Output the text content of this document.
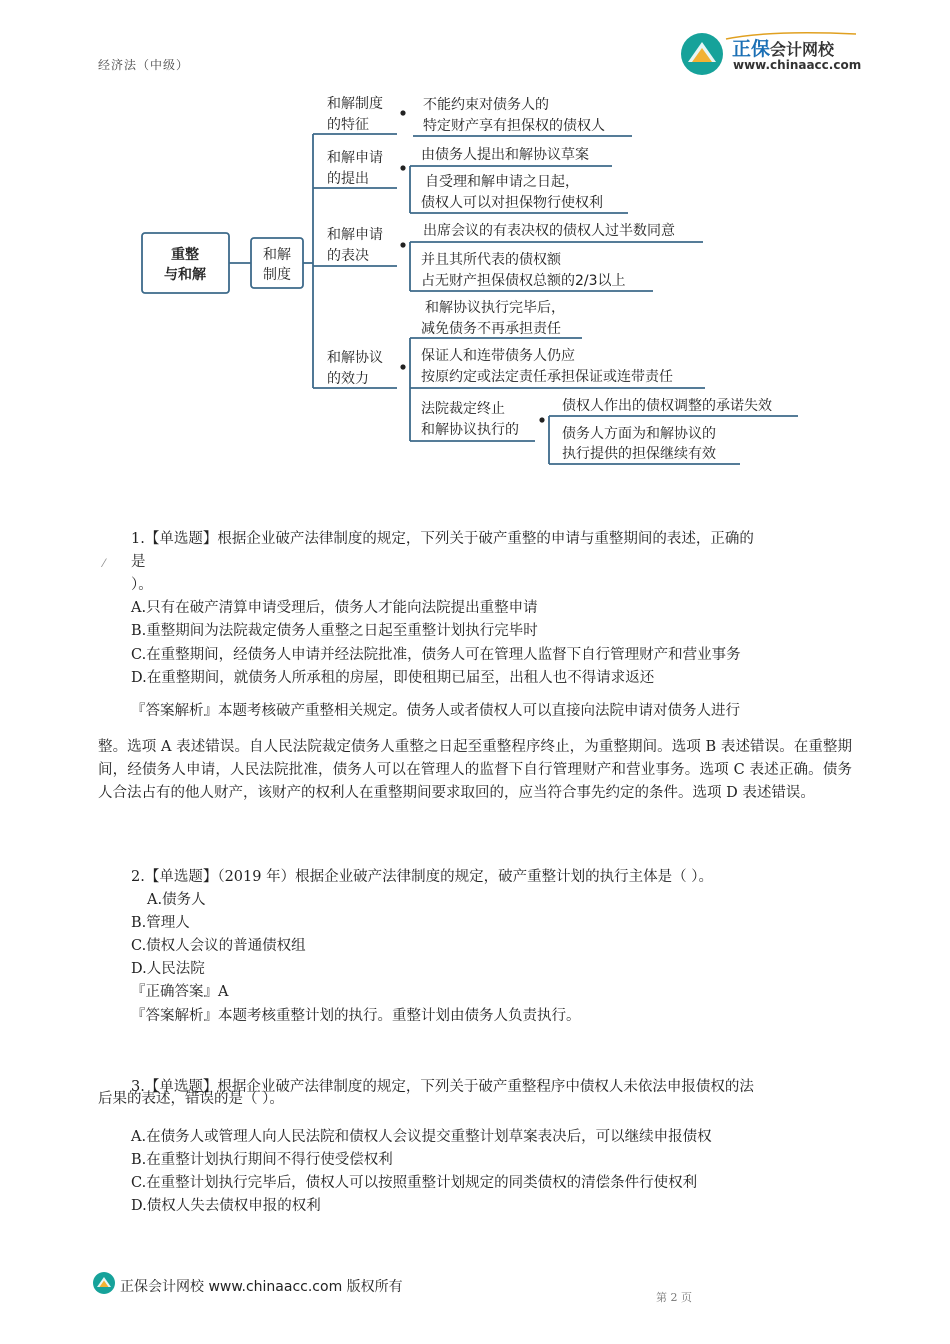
经济法（中级）
正保会计网校
www.chinaacc.com
重整
与和解
和解
制度
和解制度
的特征
和解申请
的提出
和解申请
的表决
和解协议
的效力
不能约束对债务人的
特定财产享有担保权的债权人
由债务人提出和解协议草案
自受理和解申请之日起，
债权人可以对担保物行使权利
出席会议的有表决权的债权人过半数同意
并且其所代表的债权额
占无财产担保债权总额的2/3以上
和解协议执行完毕后，
减免债务不再承担责任
保证人和连带债务人仍应
按原约定或法定责任承担保证或连带责任
法院裁定终止
和解协议执行的
债权人作出的债权调整的承诺失效
债务人方面为和解协议的
执行提供的担保继续有效
1.【单选题】根据企业破产法律制度的规定，下列关于破产重整的申请与重整期间的表述，正确的
⁄ 是
）。
A.只有在破产清算申请受理后，债务人才能向法院提出重整申请
B.重整期间为法院裁定债务人重整之日起至重整计划执行完毕时
C.在重整期间，经债务人申请并经法院批准，债务人可在管理人监督下自行管理财产和营业事务
D.在重整期间，就债务人所承租的房屋，即使租期已届至，出租人也不得请求返还
『答案解析』本题考核破产重整相关规定。债务人或者债权人可以直接向法院申请对债务人进行
整。选项 A 表述错误。自人民法院裁定债务人重整之日起至重整程序终止，为重整期间。选项 B 表述错误。在重整期间，经债务人申请，人民法院批准，债务人可以在管理人的监督下自行管理财产和营业事务。选项 C 表述正确。债务人合法占有的他人财产，该财产的权利人在重整期间要求取回的，应当符合事先约定的条件。选项 D 表述错误。
2.【单选题】（2019 年）根据企业破产法律制度的规定，破产重整计划的执行主体是（ ）。
A.债务人
B.管理人
C.债权人会议的普通债权组
D.人民法院
『正确答案』A
『答案解析』本题考核重整计划的执行。重整计划由债务人负责执行。
3.【单选题】根据企业破产法律制度的规定，下列关于破产重整程序中债权人未依法申报债权的法
后果的表述，错误的是（ ）。
A.在债务人或管理人向人民法院和债权人会议提交重整计划草案表决后，可以继续申报债权
B.在重整计划执行期间不得行使受偿权利
C.在重整计划执行完毕后，债权人可以按照重整计划规定的同类债权的清偿条件行使权利
D.债权人失去债权申报的权利
正保会计网校 www.chinaacc.com 版权所有
第 2 页
